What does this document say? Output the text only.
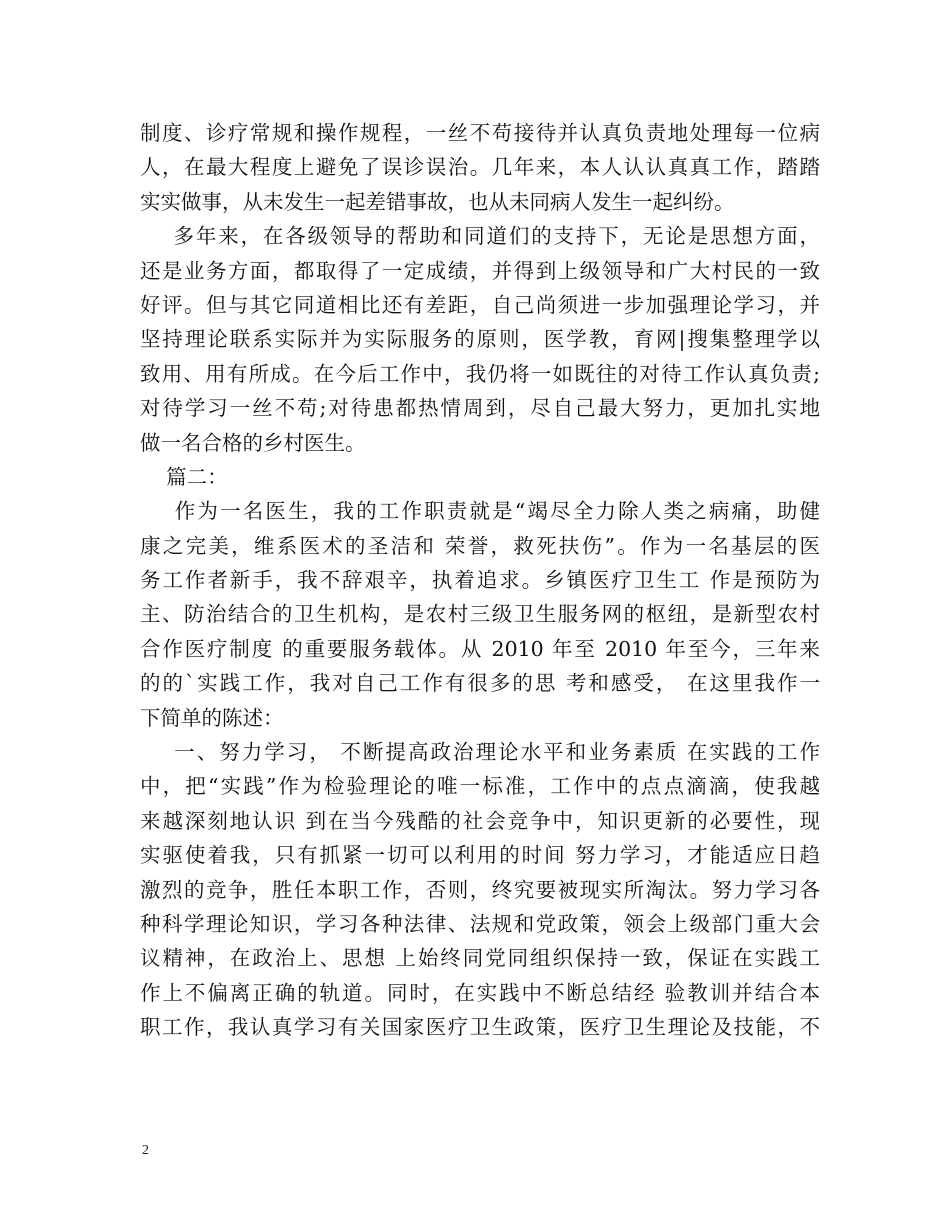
制度、诊疗常规和操作规程，一丝不苟接待并认真负责地处理每一位病
人，在最大程度上避免了误诊误治。几年来，本人认认真真工作，踏踏
实实做事，从未发生一起差错事故，也从未同病人发生一起纠纷。
多年来，在各级领导的帮助和同道们的支持下，无论是思想方面，
还是业务方面，都取得了一定成绩，并得到上级领导和广大村民的一致
好评。但与其它同道相比还有差距，自己尚须进一步加强理论学习，并
坚持理论联系实际并为实际服务的原则，医学教，育网|搜集整理学以
致用、用有所成。在今后工作中，我仍将一如既往的对待工作认真负责;
对待学习一丝不苟;对待患都热情周到，尽自己最大努力，更加扎实地
做一名合格的乡村医生。
篇二：
作为一名医生，我的工作职责就是“竭尽全力除人类之病痛，助健
康之完美，维系医术的圣洁和 荣誉，救死扶伤”。作为一名基层的医
务工作者新手，我不辞艰辛，执着追求。乡镇医疗卫生工 作是预防为
主、防治结合的卫生机构，是农村三级卫生服务网的枢纽，是新型农村
合作医疗制度 的重要服务载体。从 2010 年至 2010 年至今，三年来
的的`实践工作，我对自己工作有很多的思 考和感受， 在这里我作一
下简单的陈述：
一、努力学习， 不断提高政治理论水平和业务素质 在实践的工作
中，把“实践”作为检验理论的唯一标准，工作中的点点滴滴，使我越
来越深刻地认识 到在当今残酷的社会竞争中，知识更新的必要性，现
实驱使着我，只有抓紧一切可以利用的时间 努力学习，才能适应日趋
激烈的竞争，胜任本职工作，否则，终究要被现实所淘汰。努力学习各
种科学理论知识，学习各种法律、法规和党政策，领会上级部门重大会
议精神，在政治上、思想 上始终同党同组织保持一致，保证在实践工
作上不偏离正确的轨道。同时，在实践中不断总结经 验教训并结合本
职工作，我认真学习有关国家医疗卫生政策，医疗卫生理论及技能，不
2
